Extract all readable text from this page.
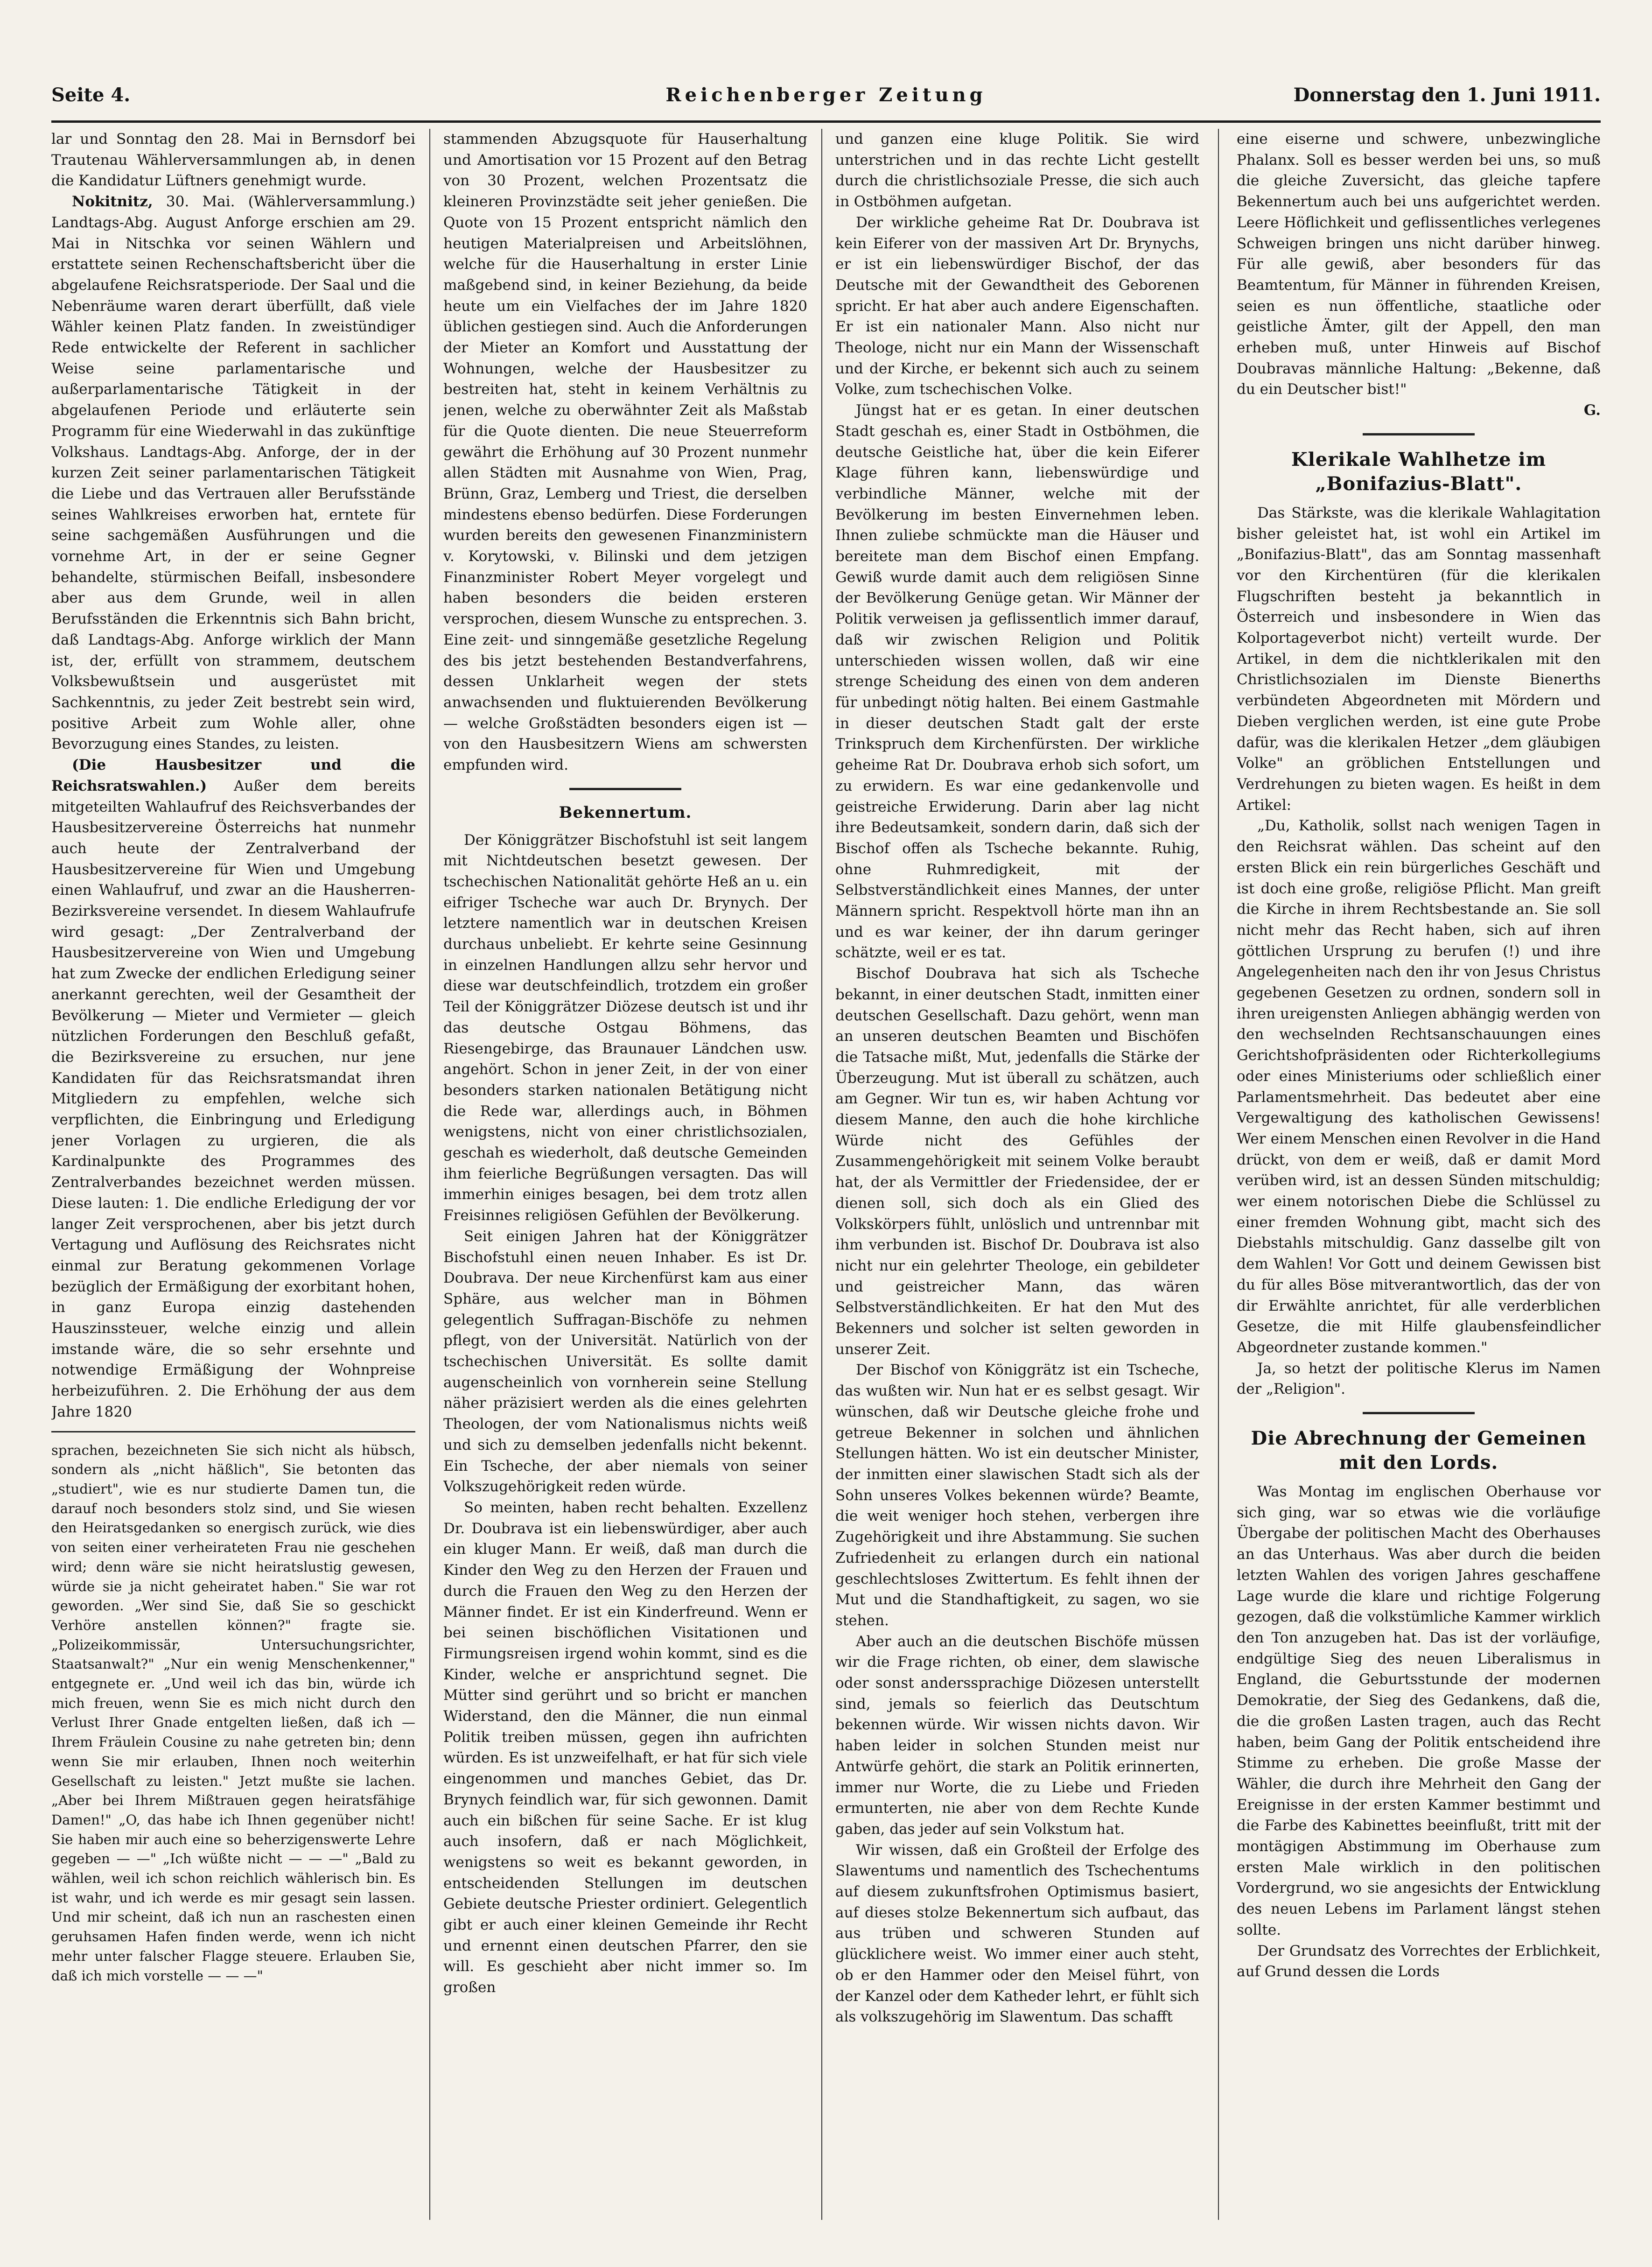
Seite 4.	Reichenberger Zeitung	Donnerstag den 1. Juni 1911.

lar und Sonntag den 28. Mai in Bernsdorf bei Trautenau Wählerversammlungen ab, in denen die Kandidatur Lüftners genehmigt wurde.

Nokitnitz, 30. Mai. (Wählerversammlung.) Landtags-Abg. August Anforge erschien am 29. Mai in Nitschka vor seinen Wählern und erstattete seinen Rechenschaftsbericht über die abgelaufene Reichsratsperiode. Der Saal und die Nebenräume waren derart überfüllt, daß viele Wähler keinen Platz fanden. In zweistündiger Rede entwickelte der Referent in sachlicher Weise seine parlamentarische und außerparlamentarische Tätigkeit in der abgelaufenen Periode und erläuterte sein Programm für eine Wiederwahl in das zukünftige Volkshaus. Landtags-Abg. Anforge, der in der kurzen Zeit seiner parlamentarischen Tätigkeit die Liebe und das Vertrauen aller Berufsstände seines Wahlkreises erworben hat, erntete für seine sachgemäßen Ausführungen und die vornehme Art, in der er seine Gegner behandelte, stürmischen Beifall, insbesondere aber aus dem Grunde, weil in allen Berufsständen die Erkenntnis sich Bahn bricht, daß Landtags-Abg. Anforge wirklich der Mann ist, der, erfüllt von strammem, deutschem Volksbewußtsein und ausgerüstet mit Sachkenntnis, zu jeder Zeit bestrebt sein wird, positive Arbeit zum Wohle aller, ohne Bevorzugung eines Standes, zu leisten.

(Die Hausbesitzer und die Reichsratswahlen.) Außer dem bereits mitgeteilten Wahlaufruf des Reichsverbandes der Hausbesitzervereine Österreichs hat nunmehr auch heute der Zentralverband der Hausbesitzervereine für Wien und Umgebung einen Wahlaufruf, und zwar an die Hausherren-Bezirksvereine versendet. In diesem Wahlaufrufe wird gesagt: „Der Zentralverband der Hausbesitzervereine von Wien und Umgebung hat zum Zwecke der endlichen Erledigung seiner anerkannt gerechten, weil der Gesamtheit der Bevölkerung — Mieter und Vermieter — gleich nützlichen Forderungen den Beschluß gefaßt, die Bezirksvereine zu ersuchen, nur jene Kandidaten für das Reichsratsmandat ihren Mitgliedern zu empfehlen, welche sich verpflichten, die Einbringung und Erledigung jener Vorlagen zu urgieren, die als Kardinalpunkte des Programmes des Zentralverbandes bezeichnet werden müssen. Diese lauten: 1. Die endliche Erledigung der vor langer Zeit versprochenen, aber bis jetzt durch Vertagung und Auflösung des Reichsrates nicht einmal zur Beratung gekommenen Vorlage bezüglich der Ermäßigung der exorbitant hohen, in ganz Europa einzig dastehenden Hauszinssteuer, welche einzig und allein imstande wäre, die so sehr ersehnte und notwendige Ermäßigung der Wohnpreise herbeizuführen. 2. Die Erhöhung der aus dem Jahre 1820

sprachen, bezeichneten Sie sich nicht als hübsch, sondern als „nicht häßlich", Sie betonten das „studiert", wie es nur studierte Damen tun, die darauf noch besonders stolz sind, und Sie wiesen den Heiratsgedanken so energisch zurück, wie dies von seiten einer verheirateten Frau nie geschehen wird; denn wäre sie nicht heiratslustig gewesen, würde sie ja nicht geheiratet haben." Sie war rot geworden. „Wer sind Sie, daß Sie so geschickt Verhöre anstellen können?" fragte sie. „Polizeikommissär, Untersuchungsrichter, Staatsanwalt?" „Nur ein wenig Menschenkenner," entgegnete er. „Und weil ich das bin, würde ich mich freuen, wenn Sie es mich nicht durch den Verlust Ihrer Gnade entgelten ließen, daß ich — Ihrem Fräulein Cousine zu nahe getreten bin; denn wenn Sie mir erlauben, Ihnen noch weiterhin Gesellschaft zu leisten." Jetzt mußte sie lachen. „Aber bei Ihrem Mißtrauen gegen heiratsfähige Damen!" „O, das habe ich Ihnen gegenüber nicht! Sie haben mir auch eine so beherzigenswerte Lehre gegeben — —" „Ich wüßte nicht — — —" „Bald zu wählen, weil ich schon reichlich wählerisch bin. Es ist wahr, und ich werde es mir gesagt sein lassen. Und mir scheint, daß ich nun an raschesten einen geruhsamen Hafen finden werde, wenn ich nicht mehr unter falscher Flagge steuere. Erlauben Sie, daß ich mich vorstelle — — —"

stammenden Abzugsquote für Hauserhaltung und Amortisation vor 15 Prozent auf den Betrag von 30 Prozent, welchen Prozentsatz die kleineren Provinzstädte seit jeher genießen. Die Quote von 15 Prozent entspricht nämlich den heutigen Materialpreisen und Arbeitslöhnen, welche für die Hauserhaltung in erster Linie maßgebend sind, in keiner Beziehung, da beide heute um ein Vielfaches der im Jahre 1820 üblichen gestiegen sind. Auch die Anforderungen der Mieter an Komfort und Ausstattung der Wohnungen, welche der Hausbesitzer zu bestreiten hat, steht in keinem Verhältnis zu jenen, welche zu oberwähnter Zeit als Maßstab für die Quote dienten. Die neue Steuerreform gewährt die Erhöhung auf 30 Prozent nunmehr allen Städten mit Ausnahme von Wien, Prag, Brünn, Graz, Lemberg und Triest, die derselben mindestens ebenso bedürfen. Diese Forderungen wurden bereits den gewesenen Finanzministern v. Korytowski, v. Bilinski und dem jetzigen Finanzminister Robert Meyer vorgelegt und haben besonders die beiden ersteren versprochen, diesem Wunsche zu entsprechen. 3. Eine zeit- und sinngemäße gesetzliche Regelung des bis jetzt bestehenden Bestandverfahrens, dessen Unklarheit wegen der stets anwachsenden und fluktuierenden Bevölkerung — welche Großstädten besonders eigen ist — von den Hausbesitzern Wiens am schwersten empfunden wird.

Bekennertum.

Der Königgrätzer Bischofstuhl ist seit langem mit Nichtdeutschen besetzt gewesen. Der tschechischen Nationalität gehörte Heß an u. ein eifriger Tscheche war auch Dr. Brynych. Der letztere namentlich war in deutschen Kreisen durchaus unbeliebt. Er kehrte seine Gesinnung in einzelnen Handlungen allzu sehr hervor und diese war deutschfeindlich, trotzdem ein großer Teil der Königgrätzer Diözese deutsch ist und ihr das deutsche Ostgau Böhmens, das Riesengebirge, das Braunauer Ländchen usw. angehört. Schon in jener Zeit, in der von einer besonders starken nationalen Betätigung nicht die Rede war, allerdings auch, in Böhmen wenigstens, nicht von einer christlichsozialen, geschah es wiederholt, daß deutsche Gemeinden ihm feierliche Begrüßungen versagten. Das will immerhin einiges besagen, bei dem trotz allen Freisinnes religiösen Gefühlen der Bevölkerung.

Seit einigen Jahren hat der Königgrätzer Bischofstuhl einen neuen Inhaber. Es ist Dr. Doubrava. Der neue Kirchenfürst kam aus einer Sphäre, aus welcher man in Böhmen gelegentlich Suffragan-Bischöfe zu nehmen pflegt, von der Universität. Natürlich von der tschechischen Universität. Es sollte damit augenscheinlich von vornherein seine Stellung näher präzisiert werden als die eines gelehrten Theologen, der vom Nationalismus nichts weiß und sich zu demselben jedenfalls nicht bekennt. Ein Tscheche, der aber niemals von seiner Volkszugehörigkeit reden würde.

So meinten, haben recht behalten. Exzellenz Dr. Doubrava ist ein liebenswürdiger, aber auch ein kluger Mann. Er weiß, daß man durch die Kinder den Weg zu den Herzen der Frauen und durch die Frauen den Weg zu den Herzen der Männer findet. Er ist ein Kinderfreund. Wenn er bei seinen bischöflichen Visitationen und Firmungsreisen irgend wohin kommt, sind es die Kinder, welche er ansprichtund segnet. Die Mütter sind gerührt und so bricht er manchen Widerstand, den die Männer, die nun einmal Politik treiben müssen, gegen ihn aufrichten würden. Es ist unzweifelhaft, er hat für sich viele eingenommen und manches Gebiet, das Dr. Brynych feindlich war, für sich gewonnen. Damit auch ein bißchen für seine Sache. Er ist klug auch insofern, daß er nach Möglichkeit, wenigstens so weit es bekannt geworden, in entscheidenden Stellungen im deutschen Gebiete deutsche Priester ordiniert. Gelegentlich gibt er auch einer kleinen Gemeinde ihr Recht und ernennt einen deutschen Pfarrer, den sie will. Es geschieht aber nicht immer so. Im großen

und ganzen eine kluge Politik. Sie wird unterstrichen und in das rechte Licht gestellt durch die christlichsoziale Presse, die sich auch in Ostböhmen aufgetan.

Der wirkliche geheime Rat Dr. Doubrava ist kein Eiferer von der massiven Art Dr. Brynychs, er ist ein liebenswürdiger Bischof, der das Deutsche mit der Gewandtheit des Geborenen spricht. Er hat aber auch andere Eigenschaften. Er ist ein nationaler Mann. Also nicht nur Theologe, nicht nur ein Mann der Wissenschaft und der Kirche, er bekennt sich auch zu seinem Volke, zum tschechischen Volke.

Jüngst hat er es getan. In einer deutschen Stadt geschah es, einer Stadt in Ostböhmen, die deutsche Geistliche hat, über die kein Eiferer Klage führen kann, liebenswürdige und verbindliche Männer, welche mit der Bevölkerung im besten Einvernehmen leben. Ihnen zuliebe schmückte man die Häuser und bereitete man dem Bischof einen Empfang. Gewiß wurde damit auch dem religiösen Sinne der Bevölkerung Genüge getan. Wir Männer der Politik verweisen ja geflissentlich immer darauf, daß wir zwischen Religion und Politik unterschieden wissen wollen, daß wir eine strenge Scheidung des einen von dem anderen für unbedingt nötig halten. Bei einem Gastmahle in dieser deutschen Stadt galt der erste Trinkspruch dem Kirchenfürsten. Der wirkliche geheime Rat Dr. Doubrava erhob sich sofort, um zu erwidern. Es war eine gedankenvolle und geistreiche Erwiderung. Darin aber lag nicht ihre Bedeutsamkeit, sondern darin, daß sich der Bischof offen als Tscheche bekannte. Ruhig, ohne Ruhmredigkeit, mit der Selbstverständlichkeit eines Mannes, der unter Männern spricht. Respektvoll hörte man ihn an und es war keiner, der ihn darum geringer schätzte, weil er es tat.

Bischof Doubrava hat sich als Tscheche bekannt, in einer deutschen Stadt, inmitten einer deutschen Gesellschaft. Dazu gehört, wenn man an unseren deutschen Beamten und Bischöfen die Tatsache mißt, Mut, jedenfalls die Stärke der Überzeugung. Mut ist überall zu schätzen, auch am Gegner. Wir tun es, wir haben Achtung vor diesem Manne, den auch die hohe kirchliche Würde nicht des Gefühles der Zusammengehörigkeit mit seinem Volke beraubt hat, der als Vermittler der Friedensidee, der er dienen soll, sich doch als ein Glied des Volkskörpers fühlt, unlöslich und untrennbar mit ihm verbunden ist. Bischof Dr. Doubrava ist also nicht nur ein gelehrter Theologe, ein gebildeter und geistreicher Mann, das wären Selbstverständlichkeiten. Er hat den Mut des Bekenners und solcher ist selten geworden in unserer Zeit.

Der Bischof von Königgrätz ist ein Tscheche, das wußten wir. Nun hat er es selbst gesagt. Wir wünschen, daß wir Deutsche gleiche frohe und getreue Bekenner in solchen und ähnlichen Stellungen hätten. Wo ist ein deutscher Minister, der inmitten einer slawischen Stadt sich als der Sohn unseres Volkes bekennen würde? Beamte, die weit weniger hoch stehen, verbergen ihre Zugehörigkeit und ihre Abstammung. Sie suchen Zufriedenheit zu erlangen durch ein national geschlechtsloses Zwittertum. Es fehlt ihnen der Mut und die Standhaftigkeit, zu sagen, wo sie stehen.

Aber auch an die deutschen Bischöfe müssen wir die Frage richten, ob einer, dem slawische oder sonst anderssprachige Diözesen unterstellt sind, jemals so feierlich das Deutschtum bekennen würde. Wir wissen nichts davon. Wir haben leider in solchen Stunden meist nur Antwürfe gehört, die stark an Politik erinnerten, immer nur Worte, die zu Liebe und Frieden ermunterten, nie aber von dem Rechte Kunde gaben, das jeder auf sein Volkstum hat.

Wir wissen, daß ein Großteil der Erfolge des Slawentums und namentlich des Tschechentums auf diesem zukunftsfrohen Optimismus basiert, auf dieses stolze Bekennertum sich aufbaut, das aus trüben und schweren Stunden auf glücklichere weist. Wo immer einer auch steht, ob er den Hammer oder den Meisel führt, von der Kanzel oder dem Katheder lehrt, er fühlt sich als volkszugehörig im Slawentum. Das schafft

eine eiserne und schwere, unbezwingliche Phalanx. Soll es besser werden bei uns, so muß die gleiche Zuversicht, das gleiche tapfere Bekennertum auch bei uns aufgerichtet werden. Leere Höflichkeit und geflissentliches verlegenes Schweigen bringen uns nicht darüber hinweg. Für alle gewiß, aber besonders für das Beamtentum, für Männer in führenden Kreisen, seien es nun öffentliche, staatliche oder geistliche Ämter, gilt der Appell, den man erheben muß, unter Hinweis auf Bischof Doubravas männliche Haltung: „Bekenne, daß du ein Deutscher bist!"

G.
Klerikale Wahlhetze im „Bonifazius-Blatt".

Das Stärkste, was die klerikale Wahlagitation bisher geleistet hat, ist wohl ein Artikel im „Bonifazius-Blatt", das am Sonntag massenhaft vor den Kirchentüren (für die klerikalen Flugschriften besteht ja bekanntlich in Österreich und insbesondere in Wien das Kolportageverbot nicht) verteilt wurde. Der Artikel, in dem die nichtklerikalen mit den Christlichsozialen im Dienste Bienerths verbündeten Abgeordneten mit Mördern und Dieben verglichen werden, ist eine gute Probe dafür, was die klerikalen Hetzer „dem gläubigen Volke" an gröblichen Entstellungen und Verdrehungen zu bieten wagen. Es heißt in dem Artikel:

„Du, Katholik, sollst nach wenigen Tagen in den Reichsrat wählen. Das scheint auf den ersten Blick ein rein bürgerliches Geschäft und ist doch eine große, religiöse Pflicht. Man greift die Kirche in ihrem Rechtsbestande an. Sie soll nicht mehr das Recht haben, sich auf ihren göttlichen Ursprung zu berufen (!) und ihre Angelegenheiten nach den ihr von Jesus Christus gegebenen Gesetzen zu ordnen, sondern soll in ihren ureigensten Anliegen abhängig werden von den wechselnden Rechtsanschauungen eines Gerichtshofpräsidenten oder Richterkollegiums oder eines Ministeriums oder schließlich einer Parlamentsmehrheit. Das bedeutet aber eine Vergewaltigung des katholischen Gewissens! Wer einem Menschen einen Revolver in die Hand drückt, von dem er weiß, daß er damit Mord verüben wird, ist an dessen Sünden mitschuldig; wer einem notorischen Diebe die Schlüssel zu einer fremden Wohnung gibt, macht sich des Diebstahls mitschuldig. Ganz dasselbe gilt von dem Wahlen! Vor Gott und deinem Gewissen bist du für alles Böse mitverantwortlich, das der von dir Erwählte anrichtet, für alle verderblichen Gesetze, die mit Hilfe glaubensfeindlicher Abgeordneter zustande kommen."

Ja, so hetzt der politische Klerus im Namen der „Religion".

Die Abrechnung der Gemeinen mit den Lords.

Was Montag im englischen Oberhause vor sich ging, war so etwas wie die vorläufige Übergabe der politischen Macht des Oberhauses an das Unterhaus. Was aber durch die beiden letzten Wahlen des vorigen Jahres geschaffene Lage wurde die klare und richtige Folgerung gezogen, daß die volkstümliche Kammer wirklich den Ton anzugeben hat. Das ist der vorläufige, endgültige Sieg des neuen Liberalismus in England, die Geburtsstunde der modernen Demokratie, der Sieg des Gedankens, daß die, die die großen Lasten tragen, auch das Recht haben, beim Gang der Politik entscheidend ihre Stimme zu erheben. Die große Masse der Wähler, die durch ihre Mehrheit den Gang der Ereignisse in der ersten Kammer bestimmt und die Farbe des Kabinettes beeinflußt, tritt mit der montägigen Abstimmung im Oberhause zum ersten Male wirklich in den politischen Vordergrund, wo sie angesichts der Entwicklung des neuen Lebens im Parlament längst stehen sollte.

Der Grundsatz des Vorrechtes der Erblichkeit, auf Grund dessen die Lords
